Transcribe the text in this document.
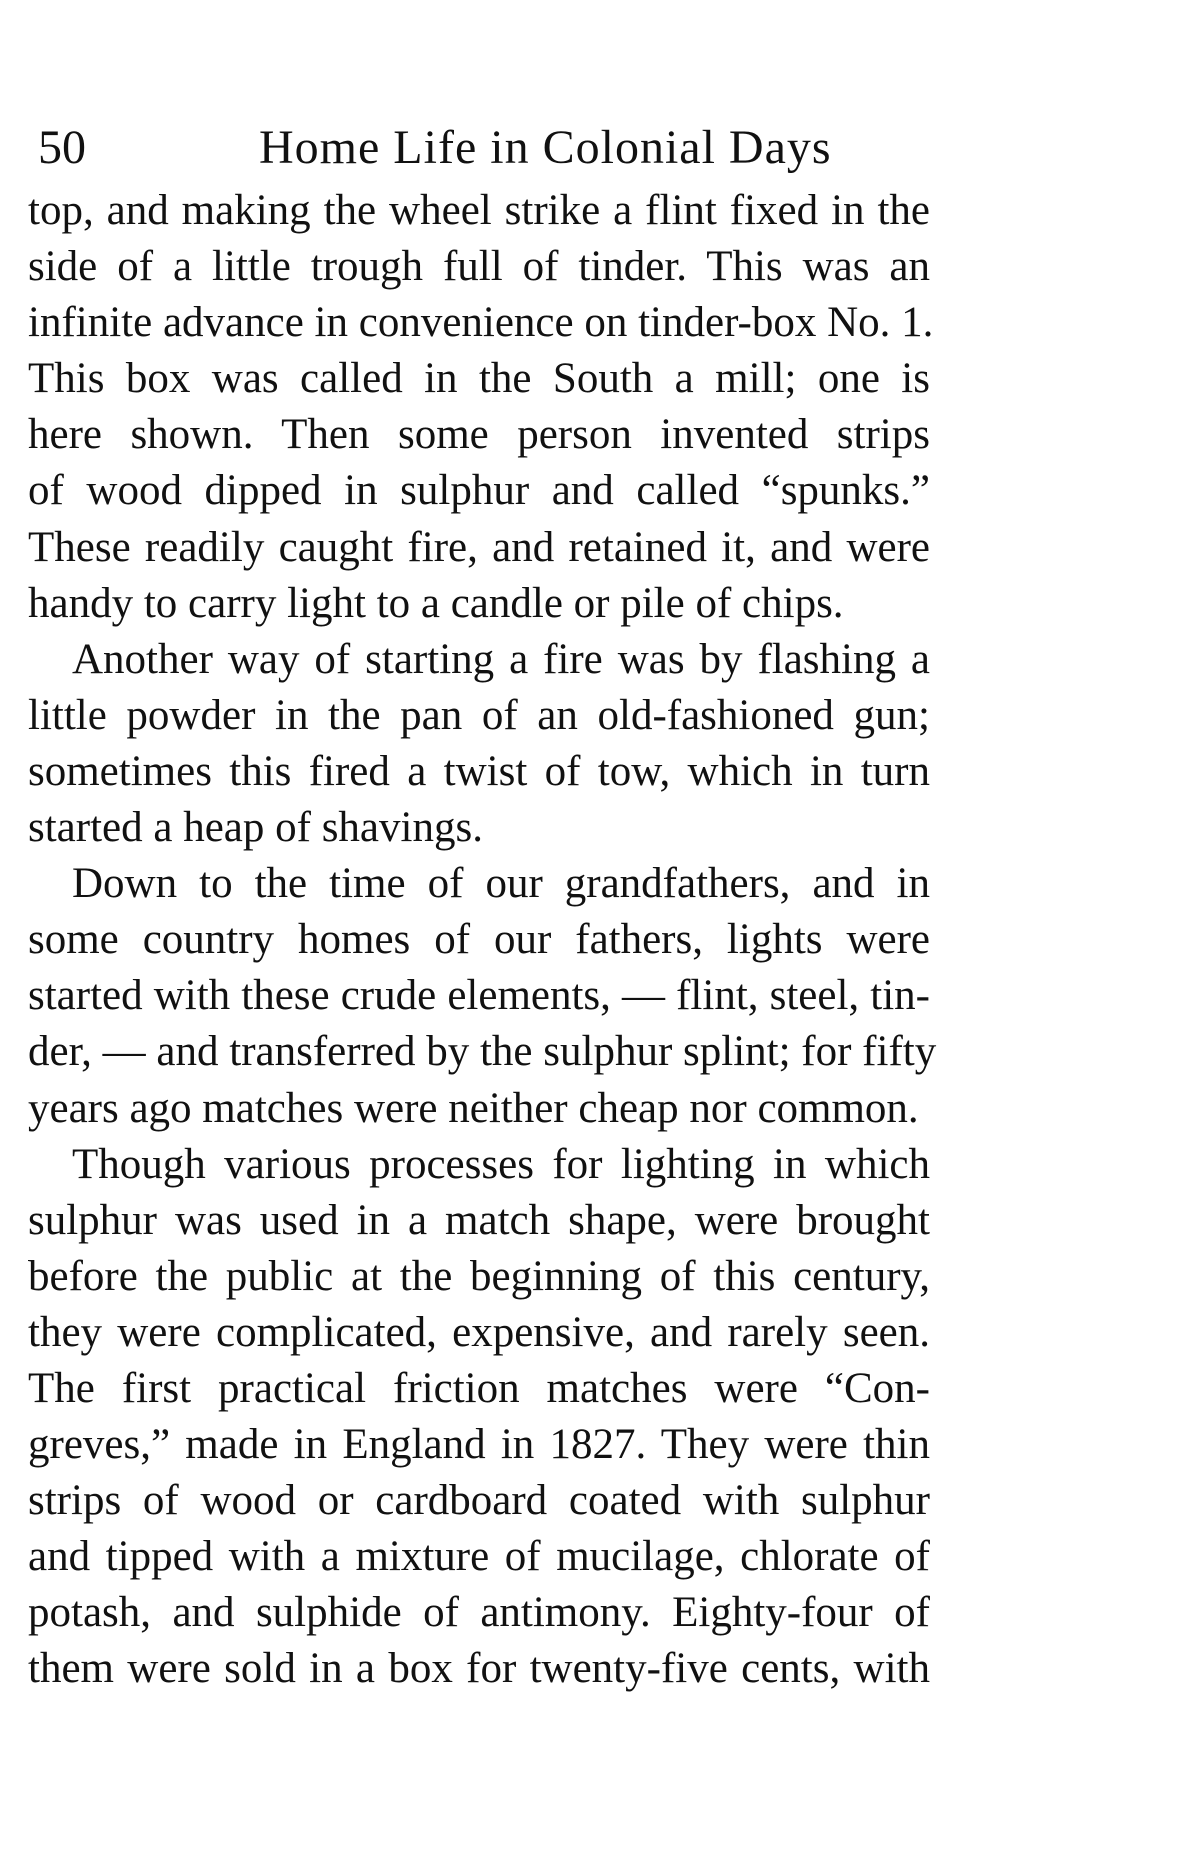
50	Home Life in Colonial Days
top, and making the wheel strike a flint fixed in the
side of a little trough full of tinder. This was an
infinite advance in convenience on tinder-box No. 1.
This box was called in the South a mill; one is
here shown. Then some person invented strips
of wood dipped in sulphur and called “spunks.”
These readily caught fire, and retained it, and were
handy to carry light to a candle or pile of chips.
Another way of starting a fire was by flashing a
little powder in the pan of an old-fashioned gun;
sometimes this fired a twist of tow, which in turn
started a heap of shavings.
Down to the time of our grandfathers, and in
some country homes of our fathers, lights were
started with these crude elements, — flint, steel, tin-
der, — and transferred by the sulphur splint; for fifty
years ago matches were neither cheap nor common.
Though various processes for lighting in which
sulphur was used in a match shape, were brought
before the public at the beginning of this century,
they were complicated, expensive, and rarely seen.
The first practical friction matches were “Con-
greves,” made in England in 1827. They were thin
strips of wood or cardboard coated with sulphur
and tipped with a mixture of mucilage, chlorate of
potash, and sulphide of antimony. Eighty-four of
them were sold in a box for twenty-five cents, with
